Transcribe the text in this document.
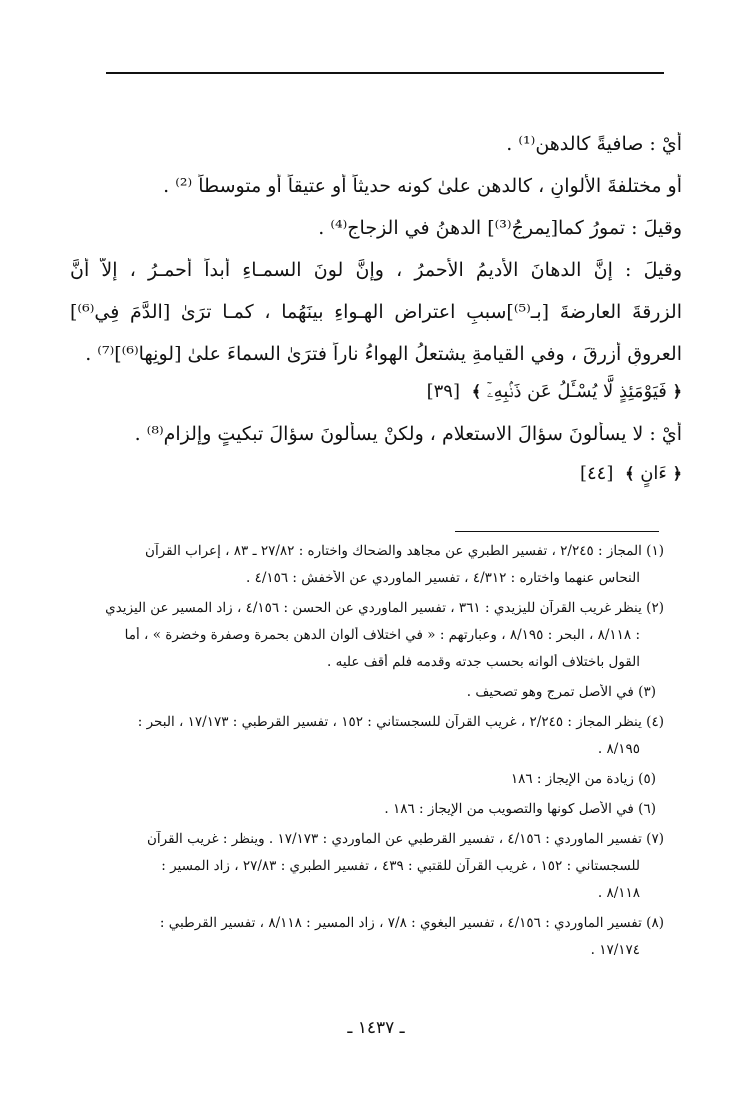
أيْ : صافيةً كالدهنِ⁽¹⁾ .
أو مختلفةَ الألوانِ ، كالدهنِ علىٰ كونه حديثاً أو عتيقاً أو متوسطاً ⁽²⁾ .
وقيلَ : تمورُ كما[يمرجُ⁽³⁾] الدهنُ في الزجاجِ⁽⁴⁾ .
وقيلَ : إنَّ الدهانَ الأديمُ الأحمرُ ، وإنَّ لونَ السمـاءِ أبداً أحمـرُ ، إلاَّ أنَّ
الزرقةَ العارضةَ [بـ⁽⁵⁾]سببِ اعتراضِ الهـواءِ بينَهُما ، كمـا ترَىٰ [الدَّمَ فِي⁽⁶⁾]
العروقِ أزرقَ ، وفي القيامةِ يشتعلُ الهواءُ ناراً فترَىٰ السماءَ علىٰ [لونِها⁽⁶⁾]⁽⁷⁾ .
﴿ فَيَوْمَئِذٍ لَّا يُسْـَٔلُ عَن ذَنۢبِهِۦٓ ﴾ [٣٩]
أيْ : لا يسألونَ سؤالَ الاستعلامِ ، ولكنْ يسألونَ سؤالَ تبكيتٍ وإلزامٍ⁽⁸⁾ .
﴿ ءَانٍ ﴾ [٤٤]
(١) المجاز : ٢/٢٤٥ ، تفسير الطبري عن مجاهد والضحاك واختاره : ٢٧/٨٢ ـ ٨٣ ، إعراب القرآن
النحاس عنهما واختاره : ٤/٣١٢ ، تفسير الماوردي عن الأخفش : ٤/١٥٦ .
(٢) ينظر غريب القرآن لليزيدي : ٣٦١ ، تفسير الماوردي عن الحسن : ٤/١٥٦ ، زاد المسير عن اليزيدي
: ٨/١١٨ ، البحر : ٨/١٩٥ ، وعبارتهم : « في اختلاف ألوان الدهن بحمرة وصفرة وخضرة » ، أما
القول باختلاف ألوانه بحسب جدته وقدمه فلم أقف عليه .
(٣) في الأصل تمرج وهو تصحيف .
(٤) ينظر المجاز : ٢/٢٤٥ ، غريب القرآن للسجستاني : ١٥٢ ، تفسير القرطبي : ١٧/١٧٣ ، البحر :
٨/١٩٥ .
(٥) زيادة من الإيجاز : ١٨٦
(٦) في الأصل كونها والتصويب من الإيجاز : ١٨٦ .
(٧) تفسير الماوردي : ٤/١٥٦ ، تفسير القرطبي عن الماوردي : ١٧/١٧٣ . وينظر : غريب القرآن
للسجستاني : ١٥٢ ، غريب القرآن للقتبي : ٤٣٩ ، تفسير الطبري : ٢٧/٨٣ ، زاد المسير :
٨/١١٨ .
(٨) تفسير الماوردي : ٤/١٥٦ ، تفسير البغوي : ٧/٨ ، زاد المسير : ٨/١١٨ ، تفسير القرطبي :
١٧/١٧٤ .
ـ ١٤٣٧ ـ
